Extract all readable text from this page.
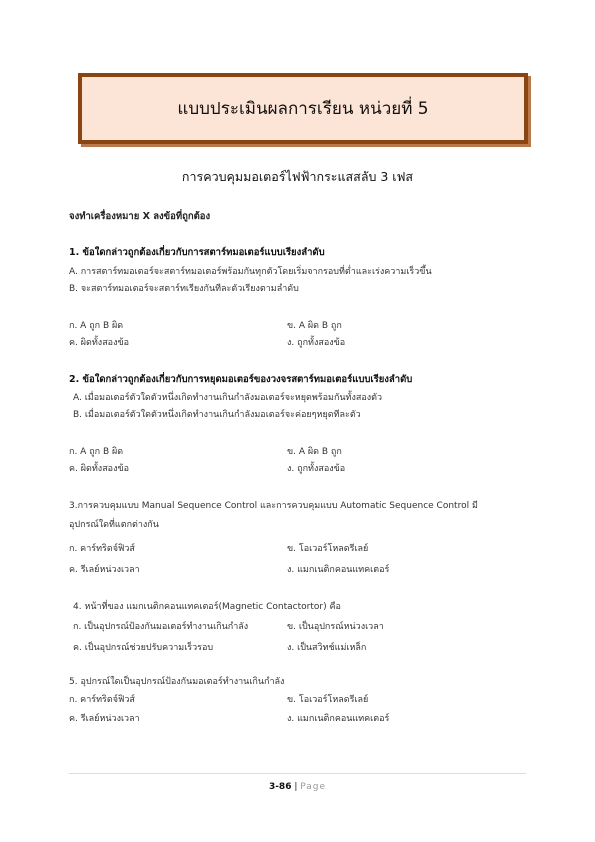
แบบประเมินผลการเรียน หน่วยที่ 5
การควบคุมมอเตอร์ไฟฟ้ากระแสสลับ 3 เฟส
จงทำเครื่องหมาย X ลงข้อที่ถูกต้อง
1. ข้อใดกล่าวถูกต้องเกี่ยวกับการสตาร์ทมอเตอร์แบบเรียงลำดับ
A. การสตาร์ทมอเตอร์จะสตาร์ทมอเตอร์พร้อมกันทุกตัวโดยเริ่มจากรอบที่ต่ำและเร่งความเร็วขึ้น
B. จะสตาร์ทมอเตอร์จะสตาร์ทเรียงกันทีละตัวเรียงตามลำดับ
ก. A ถูก B ผิด	ข. A ผิด B ถูก
ค. ผิดทั้งสองข้อ	ง. ถูกทั้งสองข้อ
2. ข้อใดกล่าวถูกต้องเกี่ยวกับการหยุดมอเตอร์ของวงจรสตาร์ทมอเตอร์แบบเรียงลำดับ
A. เมื่อมอเตอร์ตัวใดตัวหนึ่งเกิดทำงานเกินกำลังมอเตอร์จะหยุดพร้อมกันทั้งสองตัว
B. เมื่อมอเตอร์ตัวใดตัวหนึ่งเกิดทำงานเกินกำลังมอเตอร์จะค่อยๆหยุดทีละตัว
ก. A ถูก B ผิด	ข. A ผิด B ถูก
ค. ผิดทั้งสองข้อ	ง. ถูกทั้งสองข้อ
3.การควบคุมแบบ Manual Sequence Control และการควบคุมแบบ Automatic Sequence Control มี
อุปกรณ์ใดที่แตกต่างกัน
ก. คาร์ทริดจ์ฟิวส์	ข. โอเวอร์โหลดรีเลย์
ค. รีเลย์หน่วงเวลา	ง. แมกเนติกคอนแทคเตอร์
4. หน้าที่ของ แมกเนติกคอนแทคเตอร์(Magnetic Contactortor) คือ
ก. เป็นอุปกรณ์ป้องกันมอเตอร์ทำงานเกินกำลัง	ข. เป็นอุปกรณ์หน่วงเวลา
ค. เป็นอุปกรณ์ช่วยปรับความเร็วรอบ	ง. เป็นสวิทช์แม่เหล็ก
5. อุปกรณ์ใดเป็นอุปกรณ์ป้องกันมอเตอร์ทำงานเกินกำลัง
ก. คาร์ทริดจ์ฟิวส์	ข. โอเวอร์โหลดรีเลย์
ค. รีเลย์หน่วงเวลา	ง. แมกเนติกคอนแทคเตอร์
3-86 | Page
